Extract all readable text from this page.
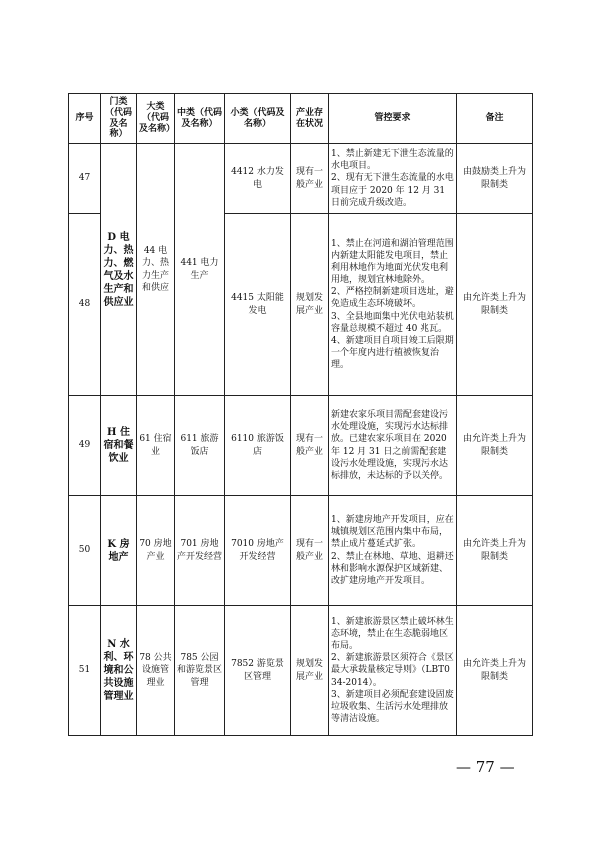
序号	门类（代码及名称）	大类（代码及名称）	中类（代码及名称）	小类（代码及名称）	产业存在状况	管控要求	备注
47	D 电力、热力、燃气及水生产和供应业	44 电力、热力生产和供应	441 电力生产	4412 水力发电	现有一般产业	1、禁止新建无下泄生态流量的水电项目。
2、现有无下泄生态流量的水电项目应于 2020 年 12 月 31 日前完成升级改造。	由鼓励类上升为限制类
48				4415 太阳能发电	规划发展产业	1、禁止在河道和湖泊管理范围内新建太阳能发电项目，禁止利用林地作为地面光伏发电利用地，规划宜林地除外。
2、严格控制新建项目选址，避免造成生态环境破坏。
3、全县地面集中光伏电站装机容量总规模不超过 40 兆瓦。
4、新建项目自项目竣工后限期一个年度内进行植被恢复治理。	由允许类上升为限制类
49	H 住宿和餐饮业	61 住宿业	611 旅游饭店	6110 旅游饭店	现有一般产业	新建农家乐项目需配套建设污水处理设施，实现污水达标排放。已建农家乐项目在 2020 年 12 月 31 日之前需配套建设污水处理设施，实现污水达标排放，未达标的予以关停。	由允许类上升为限制类
50	K 房地产	70 房地产业	701 房地产开发经营	7010 房地产开发经营	现有一般产业	1、新建房地产开发项目，应在城镇规划区范围内集中布局，禁止成片蔓延式扩张。
2、禁止在林地、草地、退耕还林和影响水源保护区域新建、改扩建房地产开发项目。	由允许类上升为限制类
51	N 水利、环境和公共设施管理业	78 公共设施管理业	785 公园和游览景区管理	7852 游览景区管理	规划发展产业	1、新建旅游景区禁止破坏林生态环境，禁止在生态脆弱地区布局。
2、新建旅游景区须符合《景区最大承载量核定导则》（LBT034-2014）。
3、新建项目必须配套建设固废垃圾收集、生活污水处理排放等清洁设施。	由允许类上升为限制类
— 77 —
